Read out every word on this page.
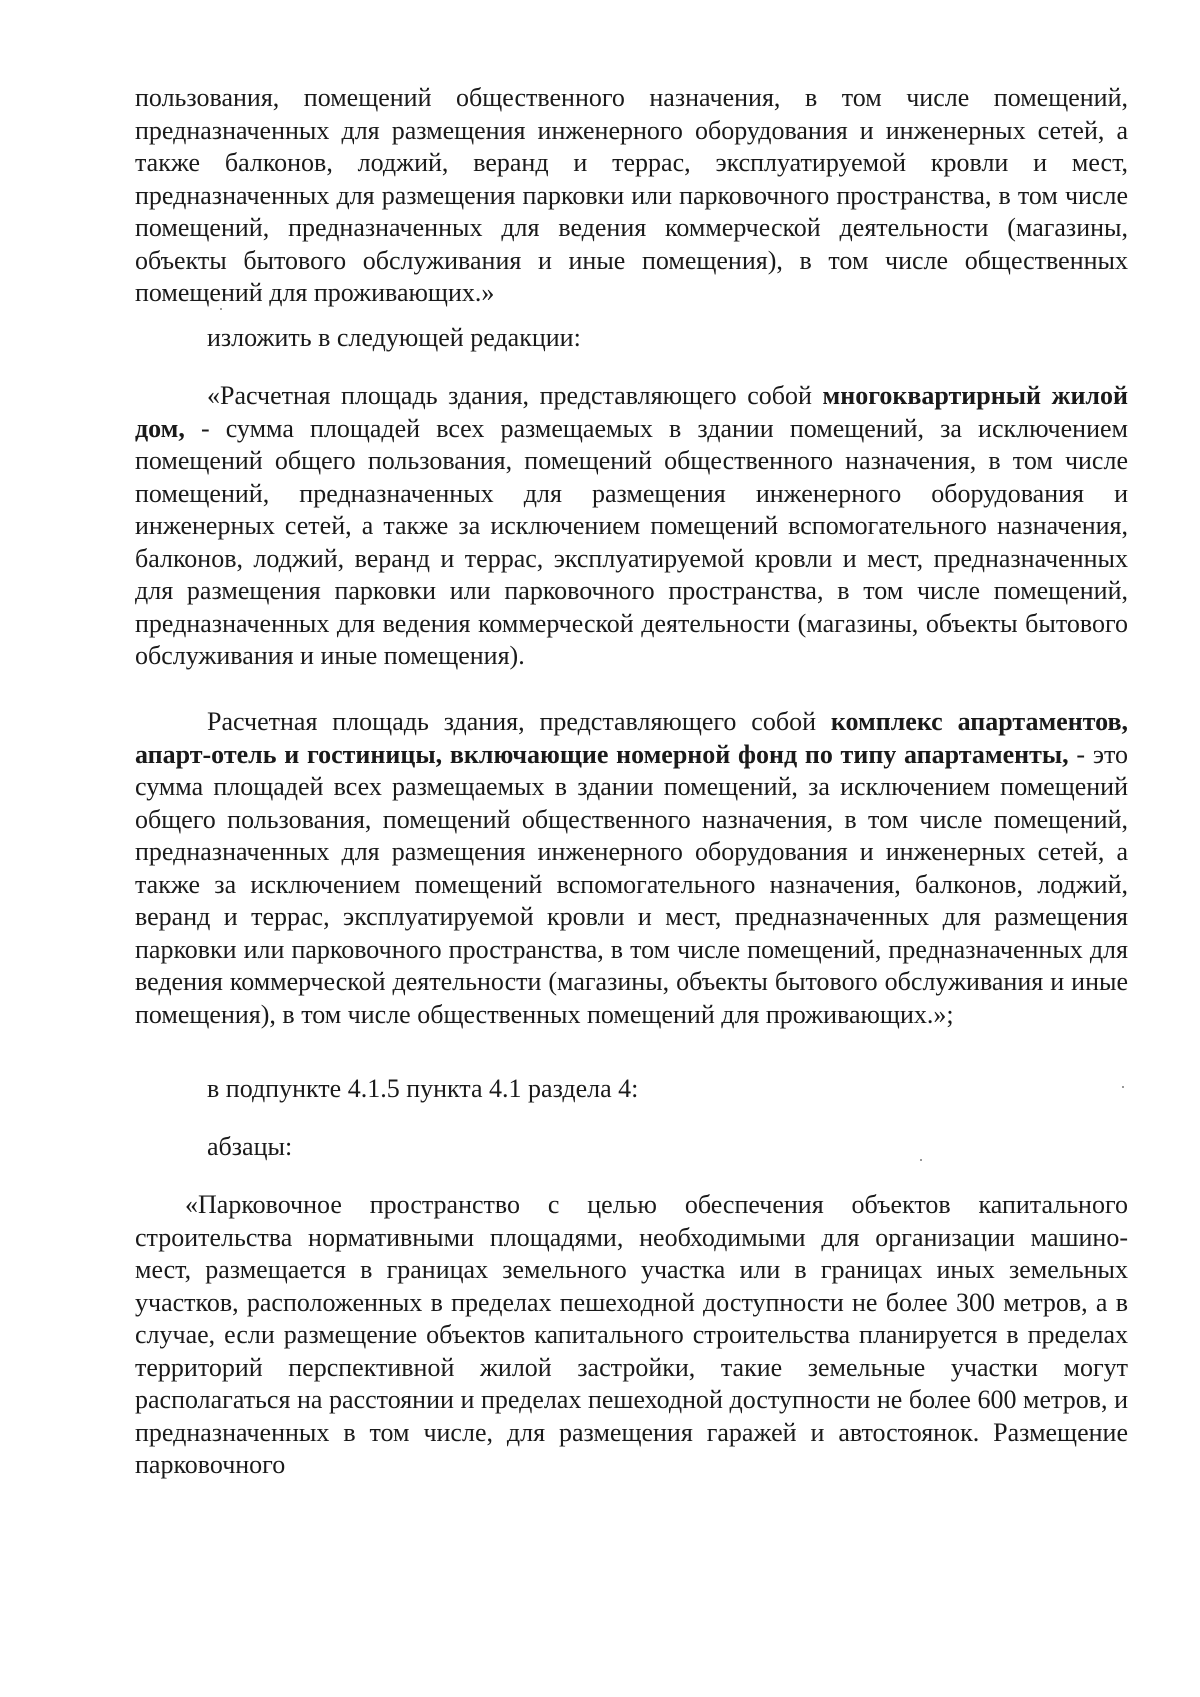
пользования, помещений общественного назначения, в том числе помещений, предназначенных для размещения инженерного оборудования и инженерных сетей, а также балконов, лоджий, веранд и террас, эксплуатируемой кровли и мест, предназначенных для размещения парковки или парковочного пространства, в том числе помещений, предназначенных для ведения коммерческой деятельности (магазины, объекты бытового обслуживания и иные помещения), в том числе общественных помещений для проживающих.»

изложить в следующей редакции:

«Расчетная площадь здания, представляющего собой многоквартирный жилой дом, - сумма площадей всех размещаемых в здании помещений, за исключением помещений общего пользования, помещений общественного назначения, в том числе помещений, предназначенных для размещения инженерного оборудования и инженерных сетей, а также за исключением помещений вспомогательного назначения, балконов, лоджий, веранд и террас, эксплуатируемой кровли и мест, предназначенных для размещения парковки или парковочного пространства, в том числе помещений, предназначенных для ведения коммерческой деятельности (магазины, объекты бытового обслуживания и иные помещения).

Расчетная площадь здания, представляющего собой комплекс апартаментов, апарт-отель и гостиницы, включающие номерной фонд по типу апартаменты, - это сумма площадей всех размещаемых в здании помещений, за исключением помещений общего пользования, помещений общественного назначения, в том числе помещений, предназначенных для размещения инженерного оборудования и инженерных сетей, а также за исключением помещений вспомогательного назначения, балконов, лоджий, веранд и террас, эксплуатируемой кровли и мест, предназначенных для размещения парковки или парковочного пространства, в том числе помещений, предназначенных для ведения коммерческой деятельности (магазины, объекты бытового обслуживания и иные помещения), в том числе общественных помещений для проживающих.»;

в подпункте 4.1.5 пункта 4.1 раздела 4:

абзацы:

«Парковочное пространство с целью обеспечения объектов капитального строительства нормативными площадями, необходимыми для организации машино-мест, размещается в границах земельного участка или в границах иных земельных участков, расположенных в пределах пешеходной доступности не более 300 метров, а в случае, если размещение объектов капитального строительства планируется в пределах территорий перспективной жилой застройки, такие земельные участки могут располагаться на расстоянии и пределах пешеходной доступности не более 600 метров, и предназначенных в том числе, для размещения гаражей и автостоянок. Размещение парковочного
